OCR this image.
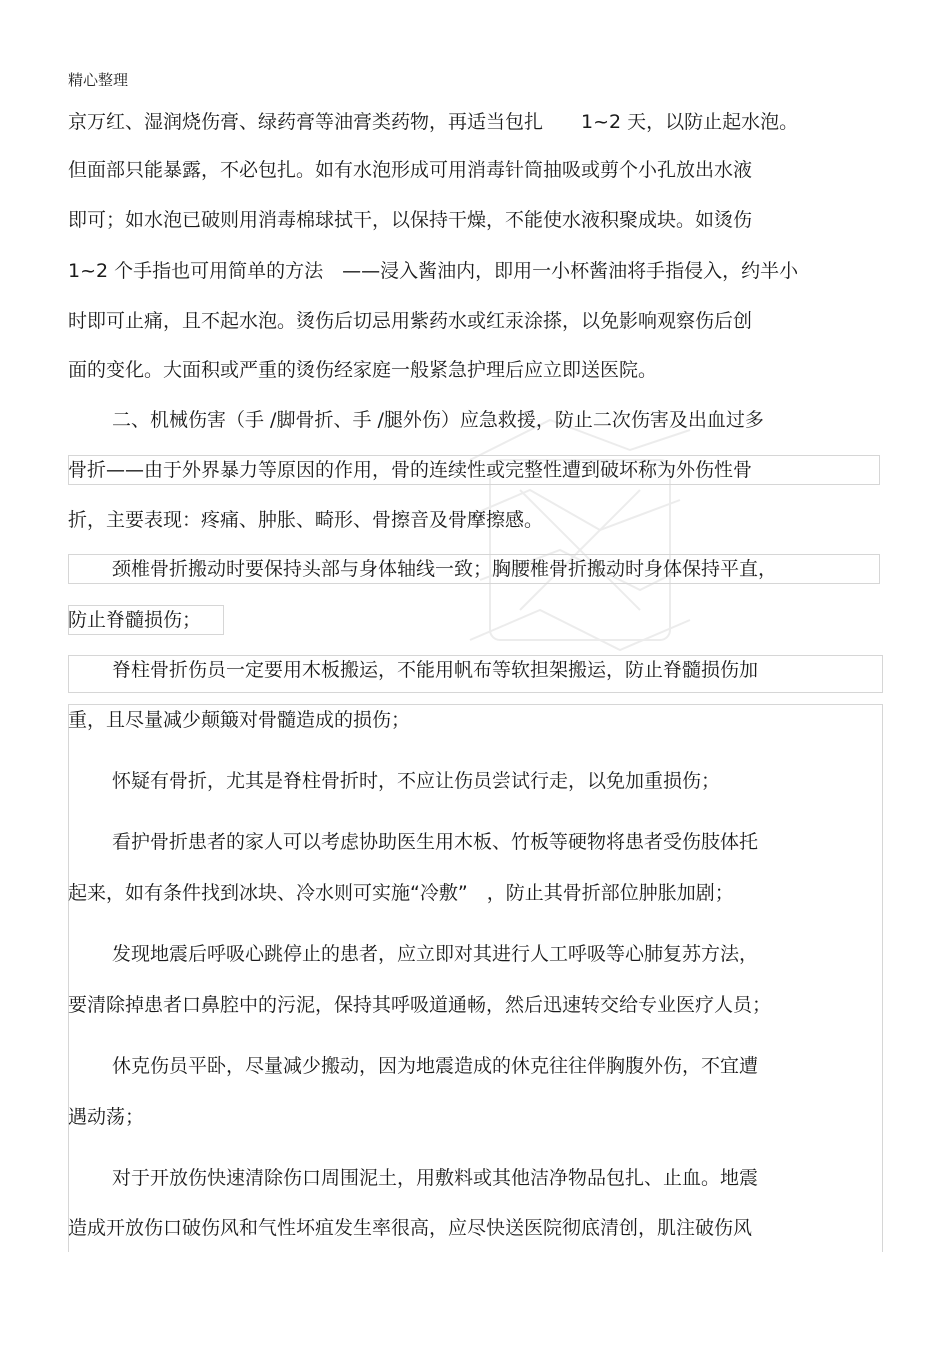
精心整理
京万红、湿润烧伤膏、绿药膏等油膏类药物，再适当包扎　　1~2 天，以防止起水泡。
但面部只能暴露，不必包扎。如有水泡形成可用消毒针筒抽吸或剪个小孔放出水液
即可；如水泡已破则用消毒棉球拭干，以保持干燥，不能使水液积聚成块。如烫伤
1~2 个手指也可用简单的方法　——浸入酱油内，即用一小杯酱油将手指侵入，约半小
时即可止痛，且不起水泡。烫伤后切忌用紫药水或红汞涂搽，以免影响观察伤后创
面的变化。大面积或严重的烫伤经家庭一般紧急护理后应立即送医院。
二、机械伤害（手 /脚骨折、手 /腿外伤）应急救援，防止二次伤害及出血过多
骨折——由于外界暴力等原因的作用，骨的连续性或完整性遭到破坏称为外伤性骨
折，主要表现：疼痛、肿胀、畸形、骨擦音及骨摩擦感。
颈椎骨折搬动时要保持头部与身体轴线一致；胸腰椎骨折搬动时身体保持平直，
防止脊髓损伤；
脊柱骨折伤员一定要用木板搬运，不能用帆布等软担架搬运，防止脊髓损伤加
重，且尽量减少颠簸对骨髓造成的损伤；
怀疑有骨折，尤其是脊柱骨折时，不应让伤员尝试行走，以免加重损伤；
看护骨折患者的家人可以考虑协助医生用木板、竹板等硬物将患者受伤肢体托
起来，如有条件找到冰块、冷水则可实施“冷敷”　，防止其骨折部位肿胀加剧；
发现地震后呼吸心跳停止的患者，应立即对其进行人工呼吸等心肺复苏方法，
要清除掉患者口鼻腔中的污泥，保持其呼吸道通畅，然后迅速转交给专业医疗人员；
休克伤员平卧，尽量减少搬动，因为地震造成的休克往往伴胸腹外伤，不宜遭
遇动荡；
对于开放伤快速清除伤口周围泥土，用敷料或其他洁净物品包扎、止血。地震
造成开放伤口破伤风和气性坏疽发生率很高，应尽快送医院彻底清创，肌注破伤风
